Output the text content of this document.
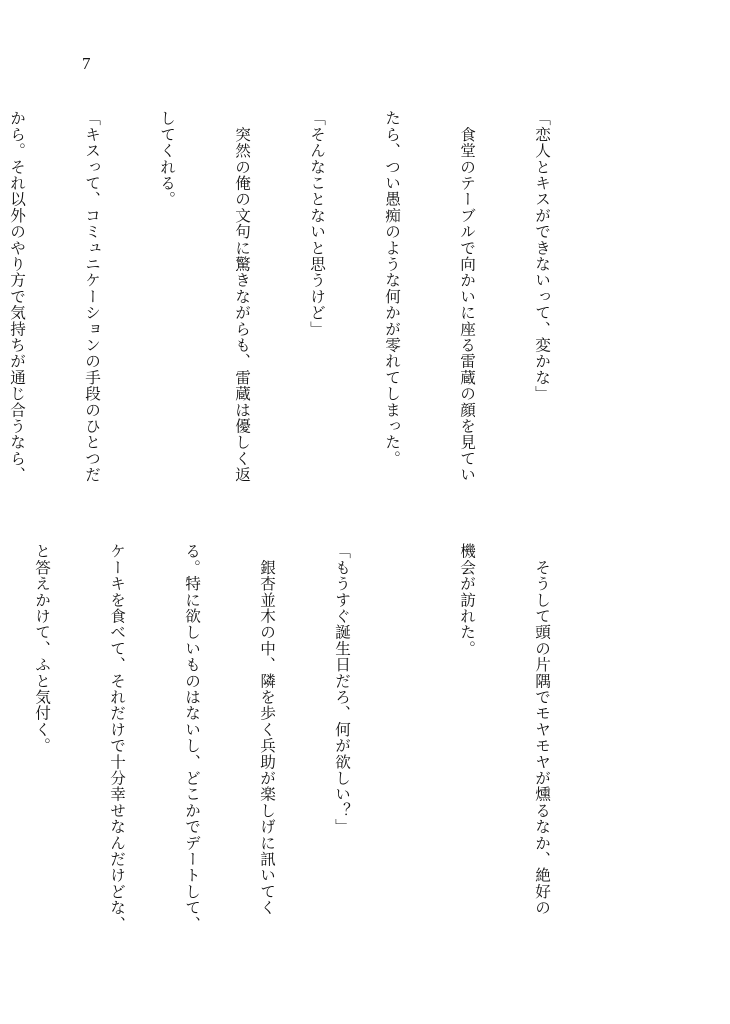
7

「恋人とキスができないって、変かな」

　食堂のテーブルで向かいに座る雷蔵の顔を見てい

たら、つい愚痴のような何かが零れてしまった。

「そんなことないと思うけど」

　突然の俺の文句に驚きながらも、雷蔵は優しく返

してくれる。

「キスって、コミュニケーションの手段のひとつだ

から。それ以外のやり方で気持ちが通じ合うなら、

　そうして頭の片隅でモヤモヤが燻るなか、絶好の

機会が訪れた。

「もうすぐ誕生日だろ、何が欲しい？」

　銀杏並木の中、隣を歩く兵助が楽しげに訊いてく

る。特に欲しいものはないし、どこかでデートして、

ケーキを食べて、それだけで十分幸せなんだけどな、

と答えかけて、ふと気付く。
